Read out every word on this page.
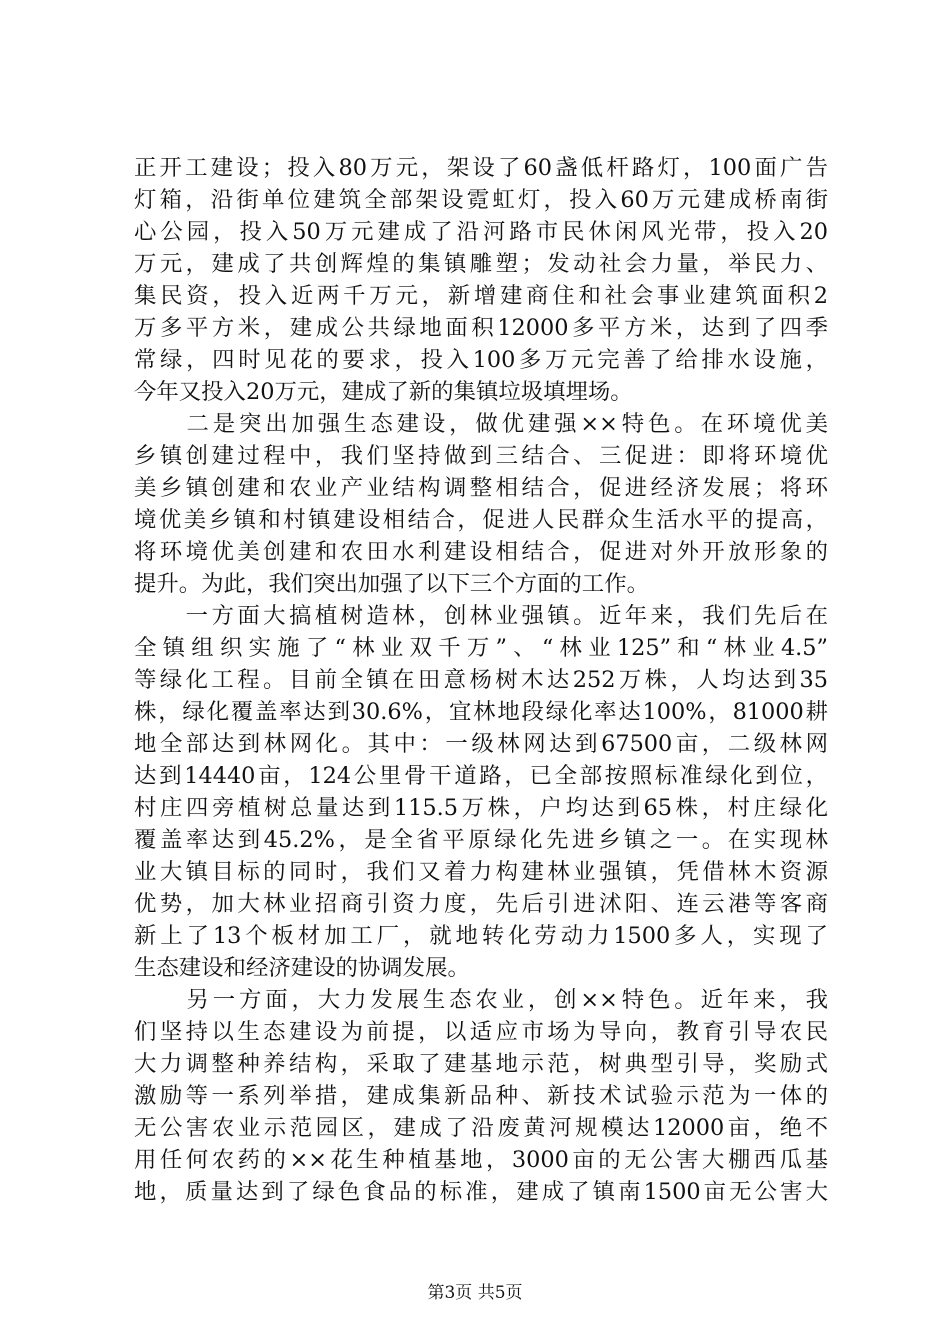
正开工建设；投入80万元，架设了60盏低杆路灯，100面广告
灯箱，沿街单位建筑全部架设霓虹灯，投入60万元建成桥南街
心公园，投入50万元建成了沿河路市民休闲风光带，投入20
万元，建成了共创辉煌的集镇雕塑；发动社会力量，举民力、
集民资，投入近两千万元，新增建商住和社会事业建筑面积2
万多平方米，建成公共绿地面积12000多平方米，达到了四季
常绿，四时见花的要求，投入100多万元完善了给排水设施，
今年又投入20万元，建成了新的集镇垃圾填埋场。
　　二是突出加强生态建设，做优建强××特色。在环境优美
乡镇创建过程中，我们坚持做到三结合、三促进：即将环境优
美乡镇创建和农业产业结构调整相结合，促进经济发展；将环
境优美乡镇和村镇建设相结合，促进人民群众生活水平的提高，
将环境优美创建和农田水利建设相结合，促进对外开放形象的
提升。为此，我们突出加强了以下三个方面的工作。
　　一方面大搞植树造林，创林业强镇。近年来，我们先后在
全镇组织实施了“林业双千万”、“林业125”和“林业4.5”
等绿化工程。目前全镇在田意杨树木达252万株，人均达到35
株，绿化覆盖率达到30.6%，宜林地段绿化率达100%，81000耕
地全部达到林网化。其中：一级林网达到67500亩，二级林网
达到14440亩，124公里骨干道路，已全部按照标准绿化到位，
村庄四旁植树总量达到115.5万株，户均达到65株，村庄绿化
覆盖率达到45.2%，是全省平原绿化先进乡镇之一。在实现林
业大镇目标的同时，我们又着力构建林业强镇，凭借林木资源
优势，加大林业招商引资力度，先后引进沭阳、连云港等客商
新上了13个板材加工厂，就地转化劳动力1500多人，实现了
生态建设和经济建设的协调发展。
　　另一方面，大力发展生态农业，创××特色。近年来，我
们坚持以生态建设为前提，以适应市场为导向，教育引导农民
大力调整种养结构，采取了建基地示范，树典型引导，奖励式
激励等一系列举措，建成集新品种、新技术试验示范为一体的
无公害农业示范园区，建成了沿废黄河规模达12000亩，绝不
用任何农药的××花生种植基地，3000亩的无公害大棚西瓜基
地，质量达到了绿色食品的标准，建成了镇南1500亩无公害大
第3页 共5页
